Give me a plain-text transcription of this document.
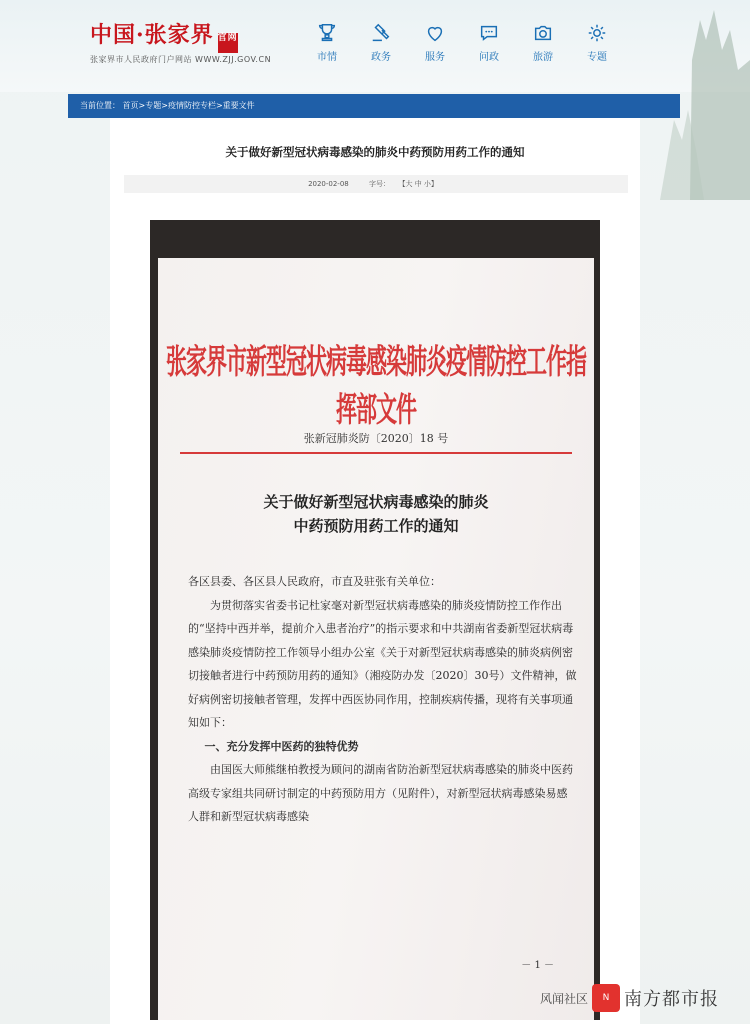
中国·张家界 官网
张家界市人民政府门户网站 WWW.ZJJ.GOV.CN	市情	政务	服务	问政	旅游	专题
当前位置： 首页>专题>疫情防控专栏>重要文件
关于做好新型冠状病毒感染的肺炎中药预防用药工作的通知
2020-02-08	字号： 【大 中 小】
张家界市新型冠状病毒感染肺炎疫情防控工作指挥部文件
张新冠肺炎防〔2020〕18 号
关于做好新型冠状病毒感染的肺炎
中药预防用药工作的通知

各区县委、各区县人民政府，市直及驻张有关单位：

为贯彻落实省委书记杜家毫对新型冠状病毒感染的肺炎疫情防控工作作出的“坚持中西并举，提前介入患者治疗”的指示要求和中共湖南省委新型冠状病毒感染肺炎疫情防控工作领导小组办公室《关于对新型冠状病毒感染的肺炎病例密切接触者进行中药预防用药的通知》（湘疫防办发〔2020〕30号）文件精神，做好病例密切接触者管理，发挥中西医协同作用，控制疾病传播，现将有关事项通知如下：

一、充分发挥中医药的独特优势

由国医大师熊继柏教授为顾问的湖南省防治新型冠状病毒感染的肺炎中医药高级专家组共同研讨制定的中药预防用方（见附件），对新型冠状病毒感染易感人群和新型冠状病毒感染

－ 1 －
风闻社区	N 南方都市报
